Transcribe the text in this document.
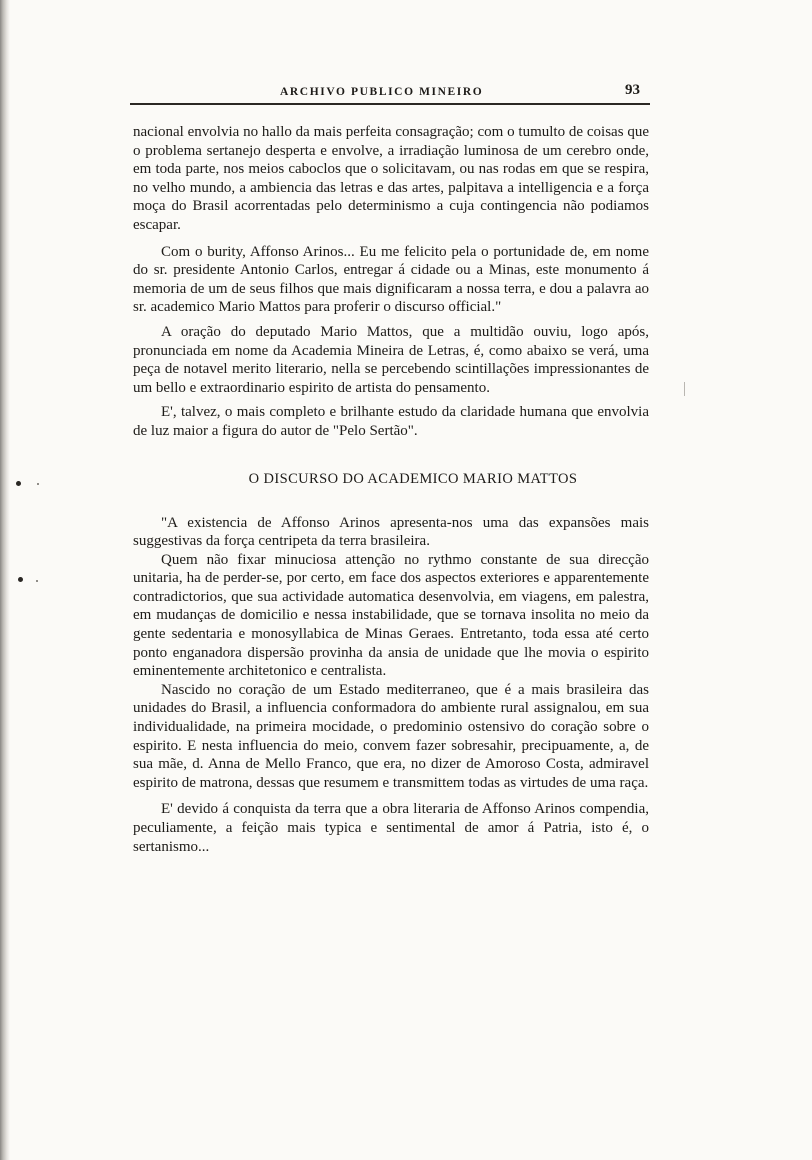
ARCHIVO PUBLICO MINEIRO	93

nacional envolvia no hallo da mais perfeita consagração; com o tumulto de coisas que o problema sertanejo desperta e envolve, a irradiação luminosa de um cerebro onde, em toda parte, nos meios caboclos que o solicitavam, ou nas rodas em que se respira, no velho mundo, a ambiencia das letras e das artes, palpitava a intelligencia e a força moça do Brasil acorrentadas pelo determinismo a cuja contingencia não podiamos escapar.

Com o burity, Affonso Arinos... Eu me felicito pela o portunidade de, em nome do sr. presidente Antonio Carlos, entregar á cidade ou a Minas, este monumento á memoria de um de seus filhos que mais dignificaram a nossa terra, e dou a palavra ao sr. academico Mario Mattos para proferir o discurso official."

A oração do deputado Mario Mattos, que a multidão ouviu, logo após, pronunciada em nome da Academia Mineira de Letras, é, como abaixo se verá, uma peça de notavel merito literario, nella se percebendo scintillações impressionantes de um bello e extraordinario espirito de artista do pensamento.

E', talvez, o mais completo e brilhante estudo da claridade humana que envolvia de luz maior a figura do autor de "Pelo Sertão".

O DISCURSO DO ACADEMICO MARIO MATTOS

"A existencia de Affonso Arinos apresenta-nos uma das expansões mais suggestivas da força centripeta da terra brasileira.

Quem não fixar minuciosa attenção no rythmo constante de sua direcção unitaria, ha de perder-se, por certo, em face dos aspectos exteriores e apparentemente contradictorios, que sua actividade automatica desenvolvia, em viagens, em palestra, em mudanças de domicilio e nessa instabilidade, que se tornava insolita no meio da gente sedentaria e monosyllabica de Minas Geraes. Entretanto, toda essa até certo ponto enganadora dispersão provinha da ansia de unidade que lhe movia o espirito eminentemente architetonico e centralista.

Nascido no coração de um Estado mediterraneo, que é a mais brasileira das unidades do Brasil, a influencia conformadora do ambiente rural assignalou, em sua individualidade, na primeira mocidade, o predominio ostensivo do coração sobre o espirito. E nesta influencia do meio, convem fazer sobresahir, precipuamente, a, de sua mãe, d. Anna de Mello Franco, que era, no dizer de Amoroso Costa, admiravel espirito de matrona, dessas que resumem e transmittem todas as virtudes de uma raça.

E' devido á conquista da terra que a obra literaria de Affonso Arinos compendia, peculiamente, a feição mais typica e sentimental de amor á Patria, isto é, o sertanismo...
